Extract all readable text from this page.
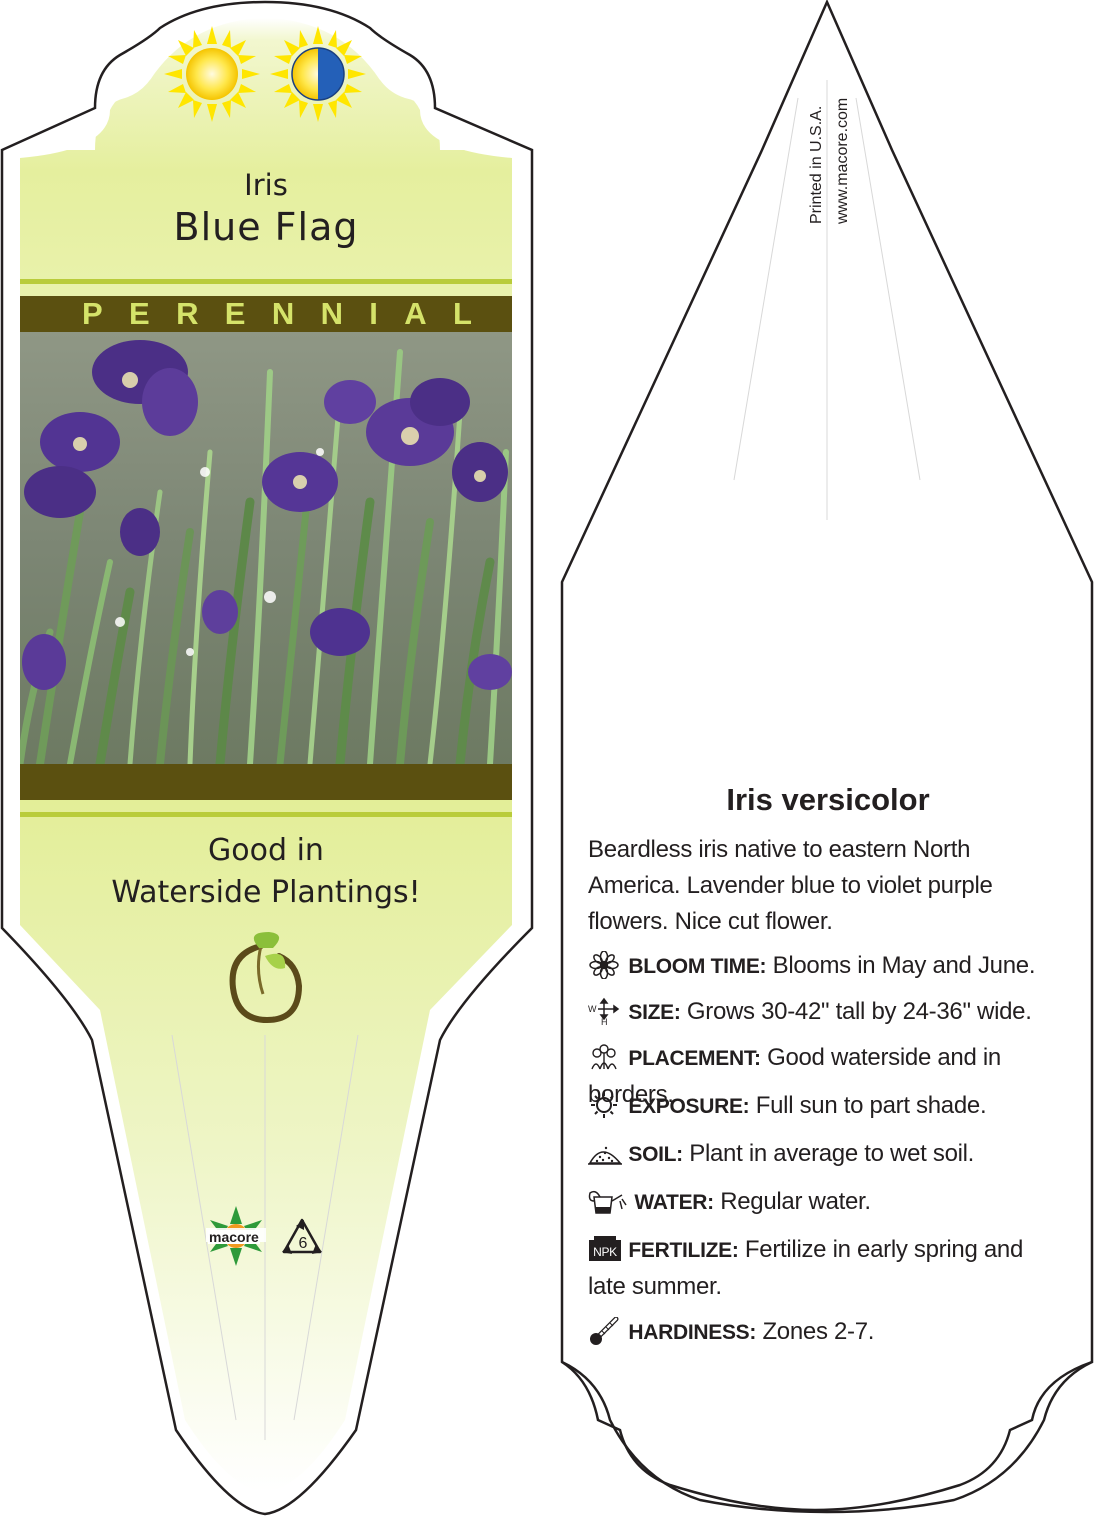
Iris
Blue Flag
P E R E N N I A L
Good in
Waterside Plantings!
macore 6
Printed in U.S.A. www.macore.com
Iris versicolor
Beardless iris native to eastern North America. Lavender blue to violet purple flowers. Nice cut flower.
BLOOM TIME: Blooms in May and June.
W
H SIZE: Grows 30-42" tall by 24-36" wide.
PLACEMENT: Good waterside and in borders.
EXPOSURE: Full sun to part shade.
SOIL: Plant in average to wet soil.
WATER: Regular water.
NPK FERTILIZE: Fertilize in early spring and late summer.
HARDINESS: Zones 2-7.
